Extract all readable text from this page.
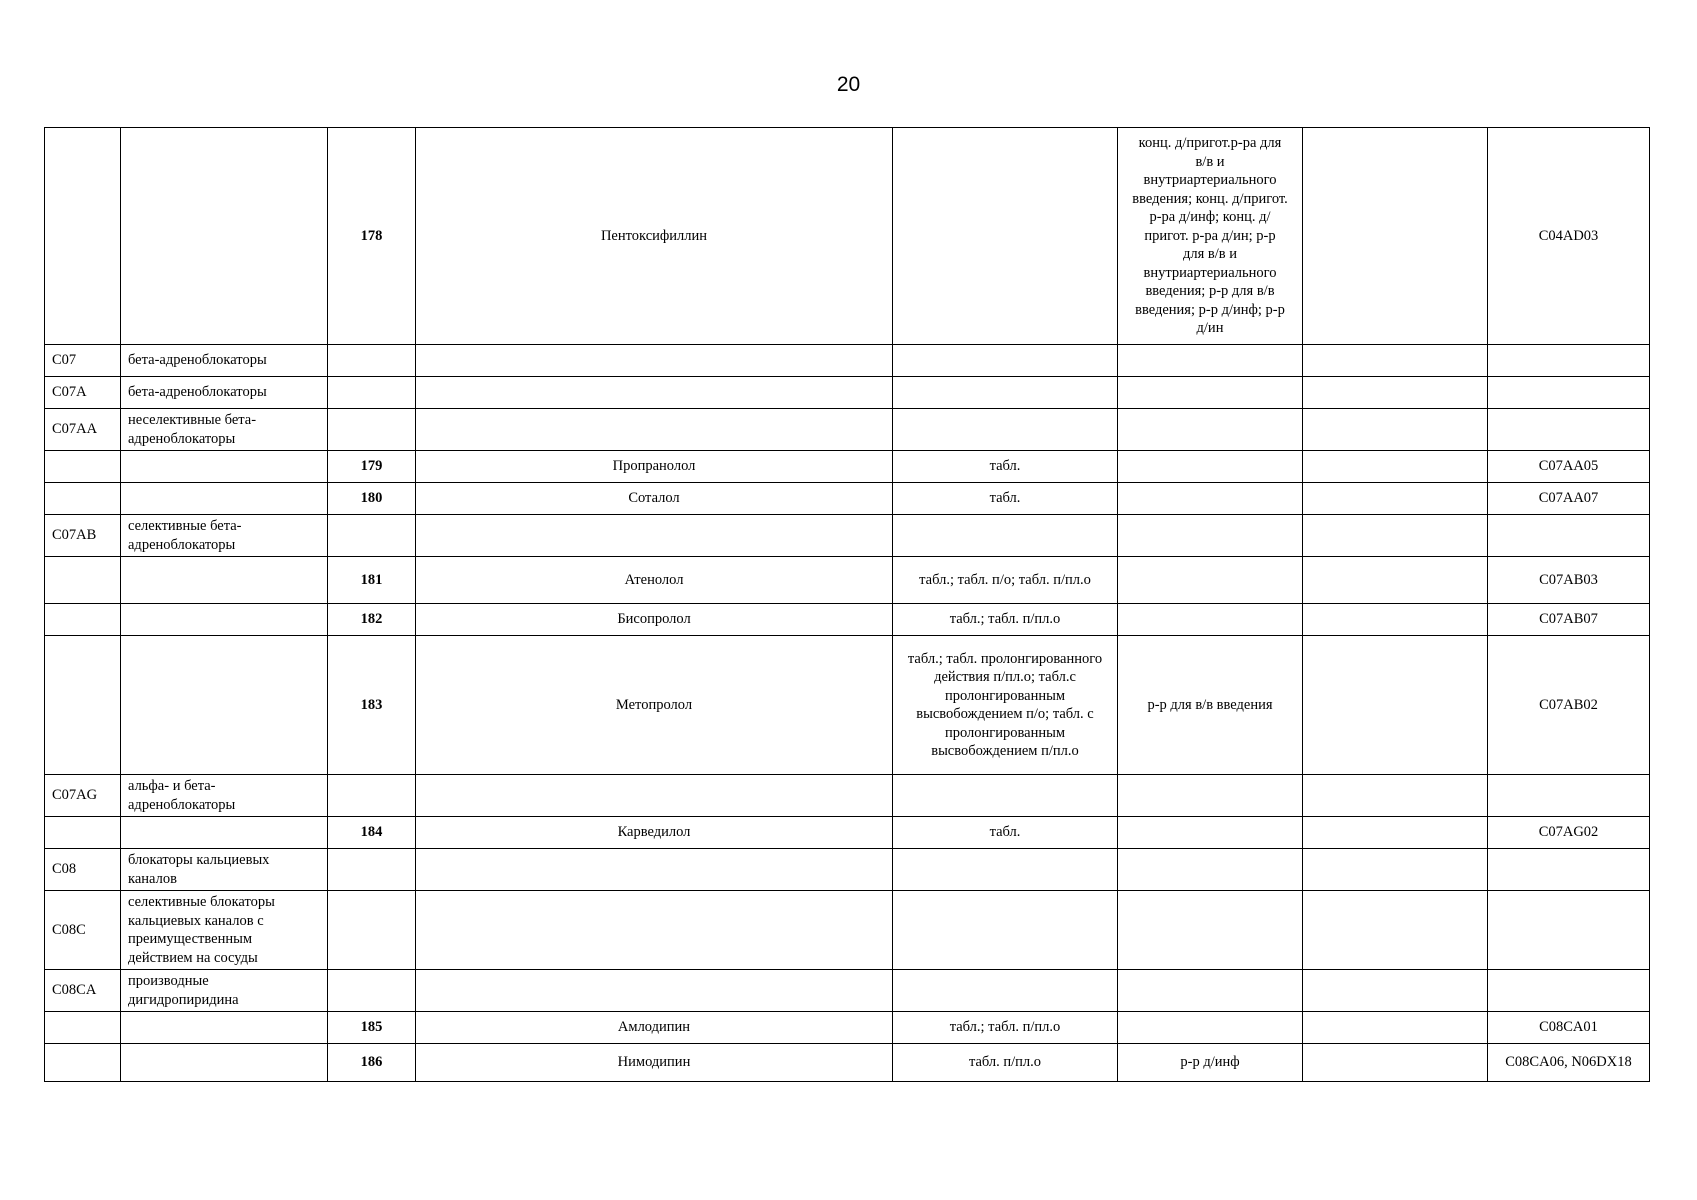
20
		178	Пентоксифиллин		конц. д/пригот.р-ра для в/в и внутриартериального введения; конц. д/пригот. р-ра д/инф; конц. д/пригот. р-ра д/ин; р-р для в/в и внутриартериального введения; р-р для в/в введения; р-р д/инф; р-р д/ин		C04AD03
C07	бета-адреноблокаторы						
C07A	бета-адреноблокаторы						
C07AA	неселективные бета-адреноблокаторы						
		179	Пропранолол	табл.			C07AA05
		180	Соталол	табл.			C07AA07
C07AB	селективные бета-адреноблокаторы						
		181	Атенолол	табл.; табл. п/о; табл. п/пл.о			C07AB03
		182	Бисопролол	табл.; табл. п/пл.о			C07AB07
		183	Метопролол	табл.; табл. пролонгированного действия п/пл.о; табл.с пролонгированным высвобождением п/о; табл. с пролонгированным высвобождением п/пл.о	р-р для в/в введения		C07AB02
C07AG	альфа- и бета-адреноблокаторы						
		184	Карведилол	табл.			C07AG02
C08	блокаторы кальциевых каналов						
C08C	селективные блокаторы кальциевых каналов с преимущественным действием на сосуды						
C08CA	производные дигидропиридина						
		185	Амлодипин	табл.; табл. п/пл.о			C08CA01
		186	Нимодипин	табл. п/пл.о	р-р д/инф		C08CA06, N06DX18
